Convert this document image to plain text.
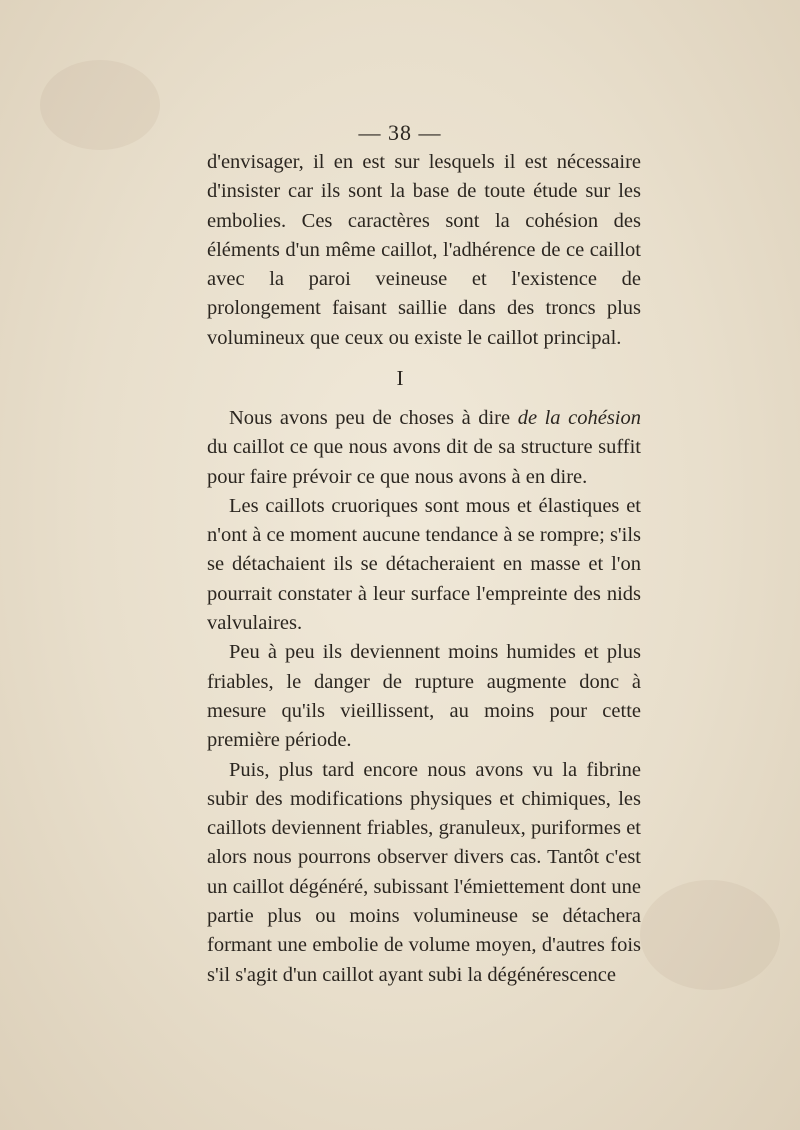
— 38 —

d'envisager, il en est sur lesquels il est nécessaire d'insister car ils sont la base de toute étude sur les embolies. Ces caractères sont la cohésion des éléments d'un même caillot, l'adhérence de ce caillot avec la paroi veineuse et l'existence de prolongement faisant saillie dans des troncs plus volumineux que ceux ou existe le caillot principal.

I

Nous avons peu de choses à dire de la cohésion du caillot ce que nous avons dit de sa structure suffit pour faire prévoir ce que nous avons à en dire.

Les caillots cruoriques sont mous et élastiques et n'ont à ce moment aucune tendance à se rompre; s'ils se détachaient ils se détacheraient en masse et l'on pourrait constater à leur surface l'empreinte des nids valvulaires.

Peu à peu ils deviennent moins humides et plus friables, le danger de rupture augmente donc à mesure qu'ils vieillissent, au moins pour cette première période.

Puis, plus tard encore nous avons vu la fibrine subir des modifications physiques et chimiques, les caillots deviennent friables, granuleux, puriformes et alors nous pourrons observer divers cas. Tantôt c'est un caillot dégénéré, subissant l'émiettement dont une partie plus ou moins volumineuse se détachera formant une embolie de volume moyen, d'autres fois s'il s'agit d'un caillot ayant subi la dégénérescence
